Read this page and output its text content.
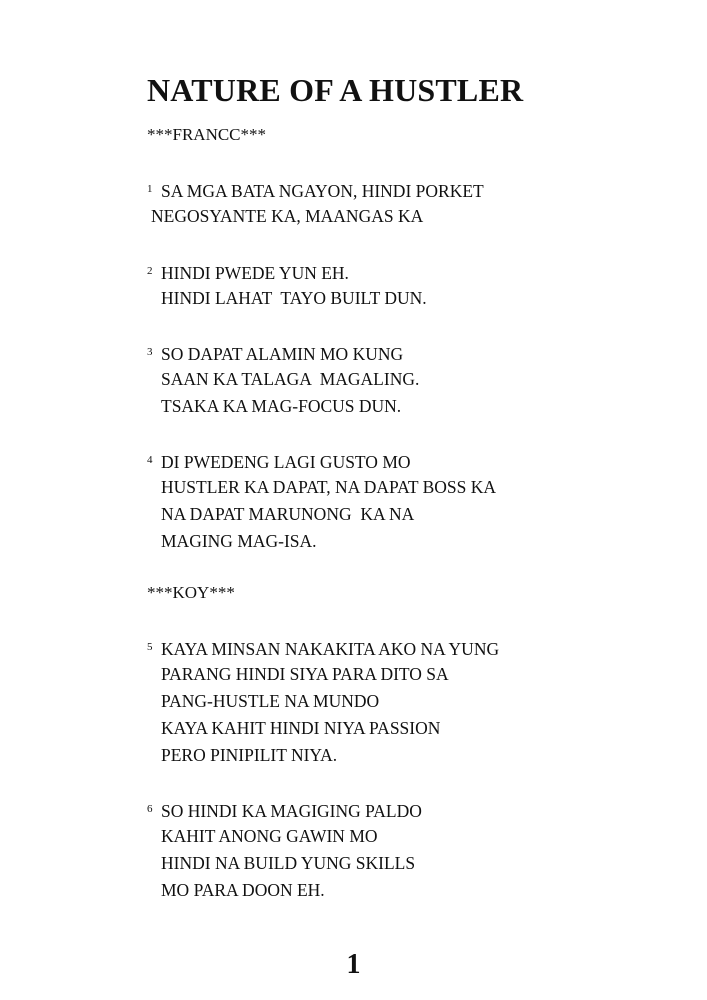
NATURE OF A HUSTLER

***FRANCC***

1 SA MGA BATA NGAYON, HINDI PORKET
NEGOSYANTE KA, MAANGAS KA
2 HINDI PWEDE YUN EH.
HINDI LAHAT  TAYO BUILT DUN.
3 SO DAPAT ALAMIN MO KUNG
SAAN KA TALAGA  MAGALING.
TSAKA KA MAG-FOCUS DUN.
4 DI PWEDENG LAGI GUSTO MO
HUSTLER KA DAPAT, NA DAPAT BOSS KA
NA DAPAT MARUNONG  KA NA
MAGING MAG-ISA.

***KOY***

5 KAYA MINSAN NAKAKITA AKO NA YUNG
PARANG HINDI SIYA PARA DITO SA
PANG-HUSTLE NA MUNDO
KAYA KAHIT HINDI NIYA PASSION
PERO PINIPILIT NIYA.
6 SO HINDI KA MAGIGING PALDO
KAHIT ANONG GAWIN MO
HINDI NA BUILD YUNG SKILLS
MO PARA DOON EH.

1
